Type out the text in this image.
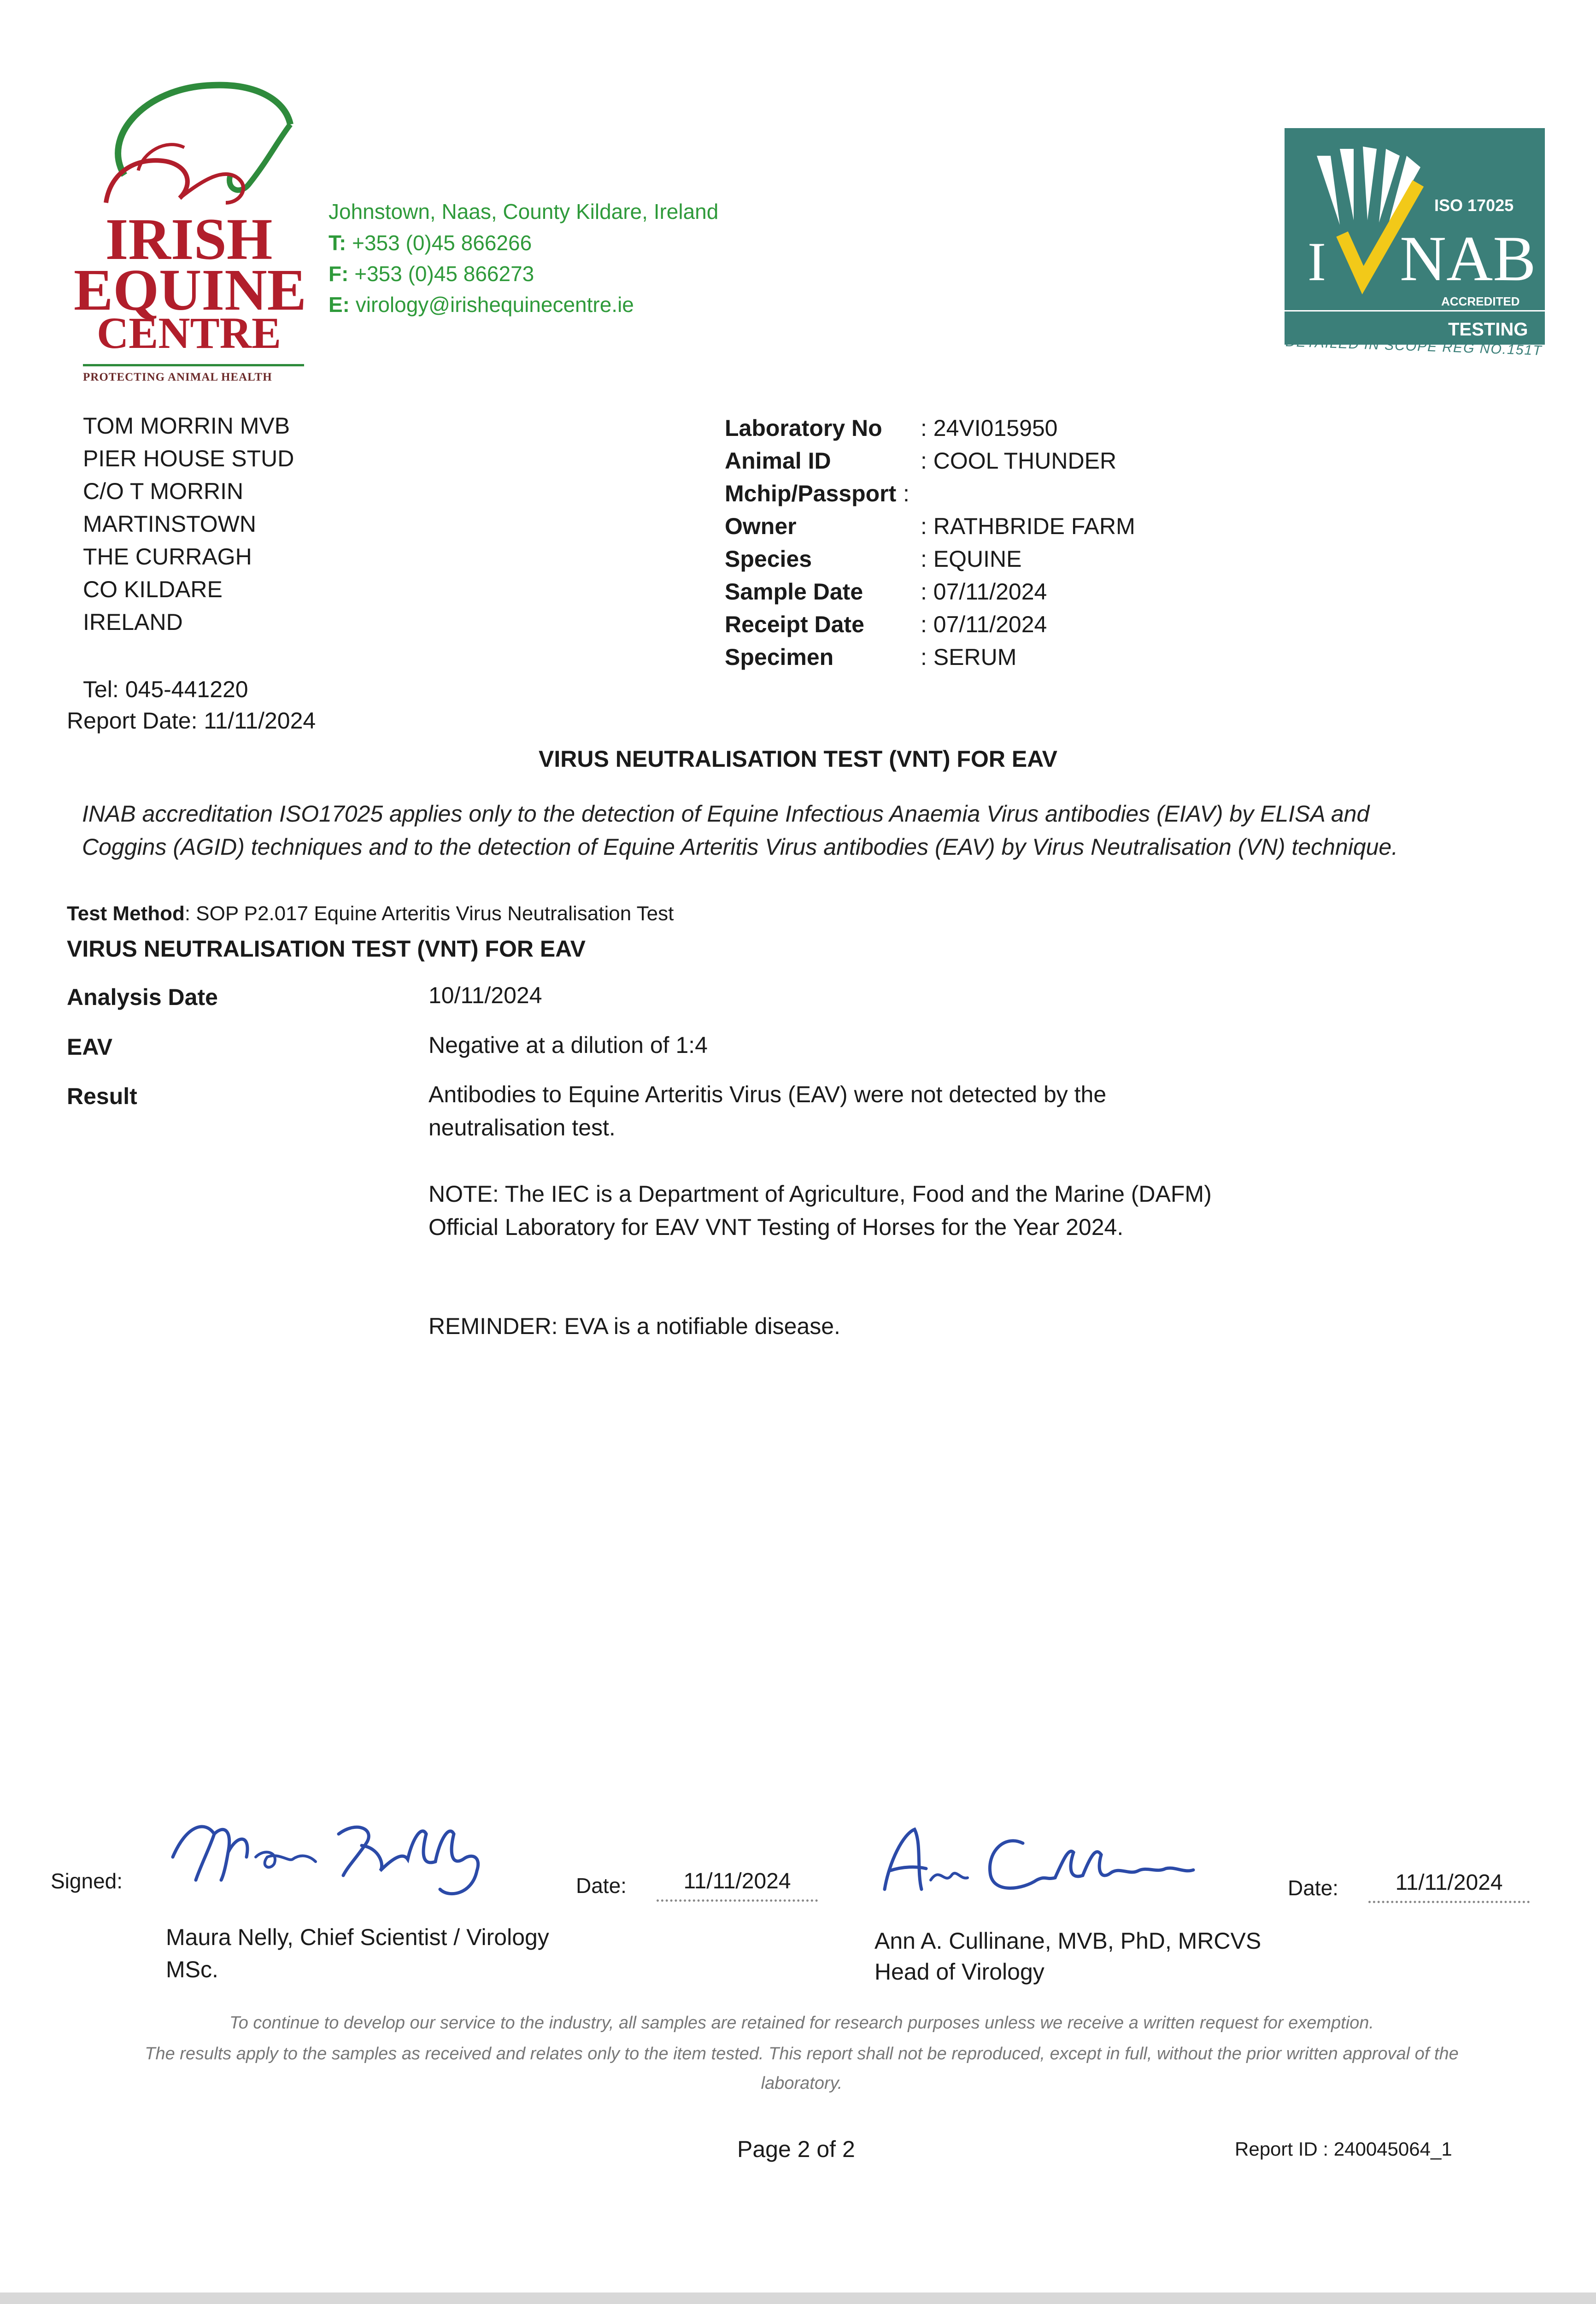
IRISH
EQUINE
CENTRE
PROTECTING ANIMAL HEALTH
Johnstown, Naas, County Kildare, Ireland
T: +353 (0)45 866266
F: +353 (0)45 866273
E: virology@irishequinecentre.ie
I
ISO 17025
NAB
ACCREDITED
TESTING
DETAILED IN SCOPE REG NO.151T
TOM MORRIN MVB
PIER HOUSE STUD
C/O T MORRIN
MARTINSTOWN
THE CURRAGH
CO KILDARE
IRELAND
Tel: 045-441220
Report Date: 11/11/2024
Laboratory No : 24VI015950
Animal ID	: COOL THUNDER
Mchip/Passport :
Owner	: RATHBRIDE FARM
Species	: EQUINE
Sample Date : 07/11/2024
Receipt Date : 07/11/2024
Specimen	: SERUM
VIRUS NEUTRALISATION TEST (VNT) FOR EAV
INAB accreditation ISO17025 applies only to the detection of Equine Infectious Anaemia Virus antibodies (EIAV) by ELISA and Coggins (AGID) techniques and to the detection of Equine Arteritis Virus antibodies (EAV) by Virus Neutralisation (VN) technique.
Test Method: SOP P2.017 Equine Arteritis Virus Neutralisation Test
VIRUS NEUTRALISATION TEST (VNT) FOR EAV
Analysis Date	10/11/2024
EAV	Negative at a dilution of 1:4
Result	Antibodies to Equine Arteritis Virus (EAV) were not detected by the neutralisation test.
NOTE: The IEC is a Department of Agriculture, Food and the Marine (DAFM) Official Laboratory for EAV VNT Testing of Horses for the Year 2024.
REMINDER: EVA is a notifiable disease.
Signed:	Date:	11/11/2024
Maura Nelly, Chief Scientist / Virology
MSc.
Date:	11/11/2024
Ann A. Cullinane, MVB, PhD, MRCVS
Head of Virology
To continue to develop our service to the industry, all samples are retained for research purposes unless we receive a written request for exemption.
The results apply to the samples as received and relates only to the item tested. This report shall not be reproduced, except in full, without the prior written approval of the laboratory.
Page 2 of 2	Report ID : 240045064_1
